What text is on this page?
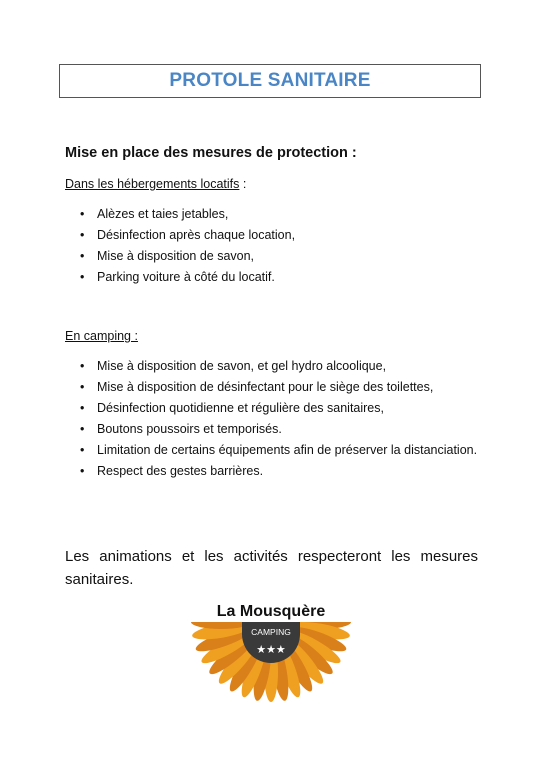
PROTOLE SANITAIRE
Mise en place des mesures de protection :
Dans les hébergements locatifs :
• Alèzes et taies jetables,
• Désinfection après chaque location,
• Mise à disposition de savon,
• Parking voiture à côté du locatif.
En camping :
• Mise à disposition de savon, et gel hydro alcoolique,
• Mise à disposition de désinfectant pour le siège des toilettes,
• Désinfection quotidienne et régulière des sanitaires,
• Boutons poussoirs et temporisés.
• Limitation de certains équipements afin de préserver la distanciation.
• Respect des gestes barrières.
Les animations et les activités respecteront les mesures sanitaires.
La Mousquère
CAMPING
★★★
